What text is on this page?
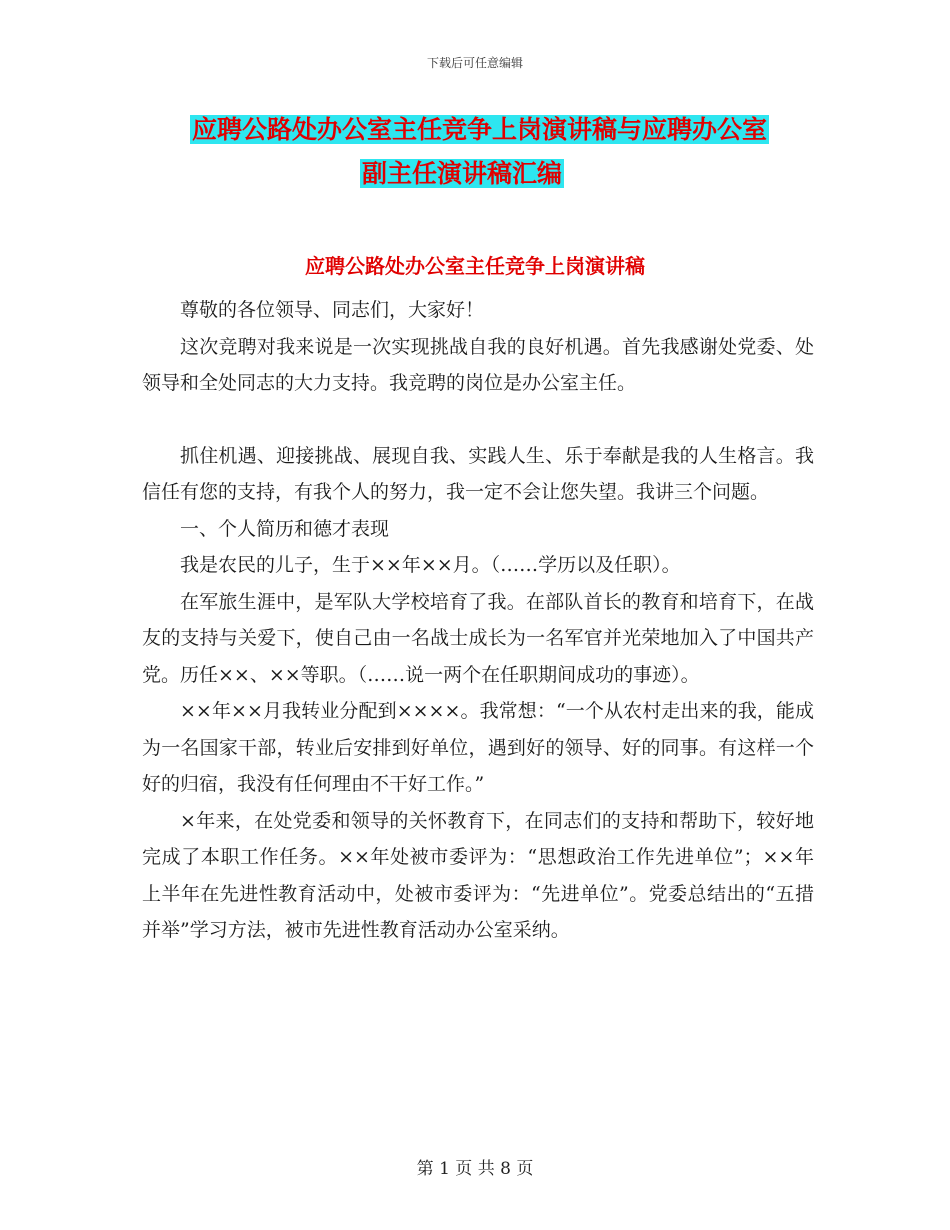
下载后可任意编辑
应聘公路处办公室主任竞争上岗演讲稿与应聘办公室
副主任演讲稿汇编
应聘公路处办公室主任竞争上岗演讲稿

尊敬的各位领导、同志们，大家好！

这次竞聘对我来说是一次实现挑战自我的良好机遇。首先我感谢处党委、处领导和全处同志的大力支持。我竞聘的岗位是办公室主任。

抓住机遇、迎接挑战、展现自我、实践人生、乐于奉献是我的人生格言。我信任有您的支持，有我个人的努力，我一定不会让您失望。我讲三个问题。

一、个人简历和德才表现

我是农民的儿子，生于××年××月。（……学历以及任职）。

在军旅生涯中，是军队大学校培育了我。在部队首长的教育和培育下，在战友的支持与关爱下，使自己由一名战士成长为一名军官并光荣地加入了中国共产党。历任××、××等职。（……说一两个在任职期间成功的事迹）。

××年××月我转业分配到××××。我常想：“一个从农村走出来的我，能成为一名国家干部，转业后安排到好单位，遇到好的领导、好的同事。有这样一个好的归宿，我没有任何理由不干好工作。”

×年来，在处党委和领导的关怀教育下，在同志们的支持和帮助下，较好地完成了本职工作任务。××年处被市委评为：“思想政治工作先进单位”；××年上半年在先进性教育活动中，处被市委评为：“先进单位”。党委总结出的“五措并举”学习方法，被市先进性教育活动办公室采纳。

第 1 页 共 8 页
